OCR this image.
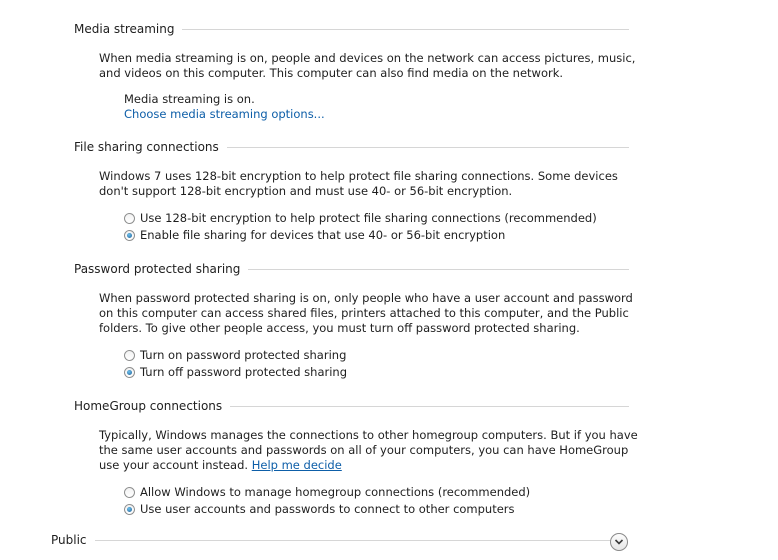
Media streaming
When media streaming is on, people and devices on the network can access pictures, music, and videos on this computer. This computer can also find media on the network.
Media streaming is on.
Choose media streaming options...
File sharing connections
Windows 7 uses 128-bit encryption to help protect file sharing connections. Some devices don't support 128-bit encryption and must use 40- or 56-bit encryption.
Use 128-bit encryption to help protect file sharing connections (recommended)
Enable file sharing for devices that use 40- or 56-bit encryption
Password protected sharing
When password protected sharing is on, only people who have a user account and password on this computer can access shared files, printers attached to this computer, and the Public folders. To give other people access, you must turn off password protected sharing.
Turn on password protected sharing
Turn off password protected sharing
HomeGroup connections
Typically, Windows manages the connections to other homegroup computers. But if you have the same user accounts and passwords on all of your computers, you can have HomeGroup use your account instead. Help me decide
Allow Windows to manage homegroup connections (recommended)
Use user accounts and passwords to connect to other computers
Public
